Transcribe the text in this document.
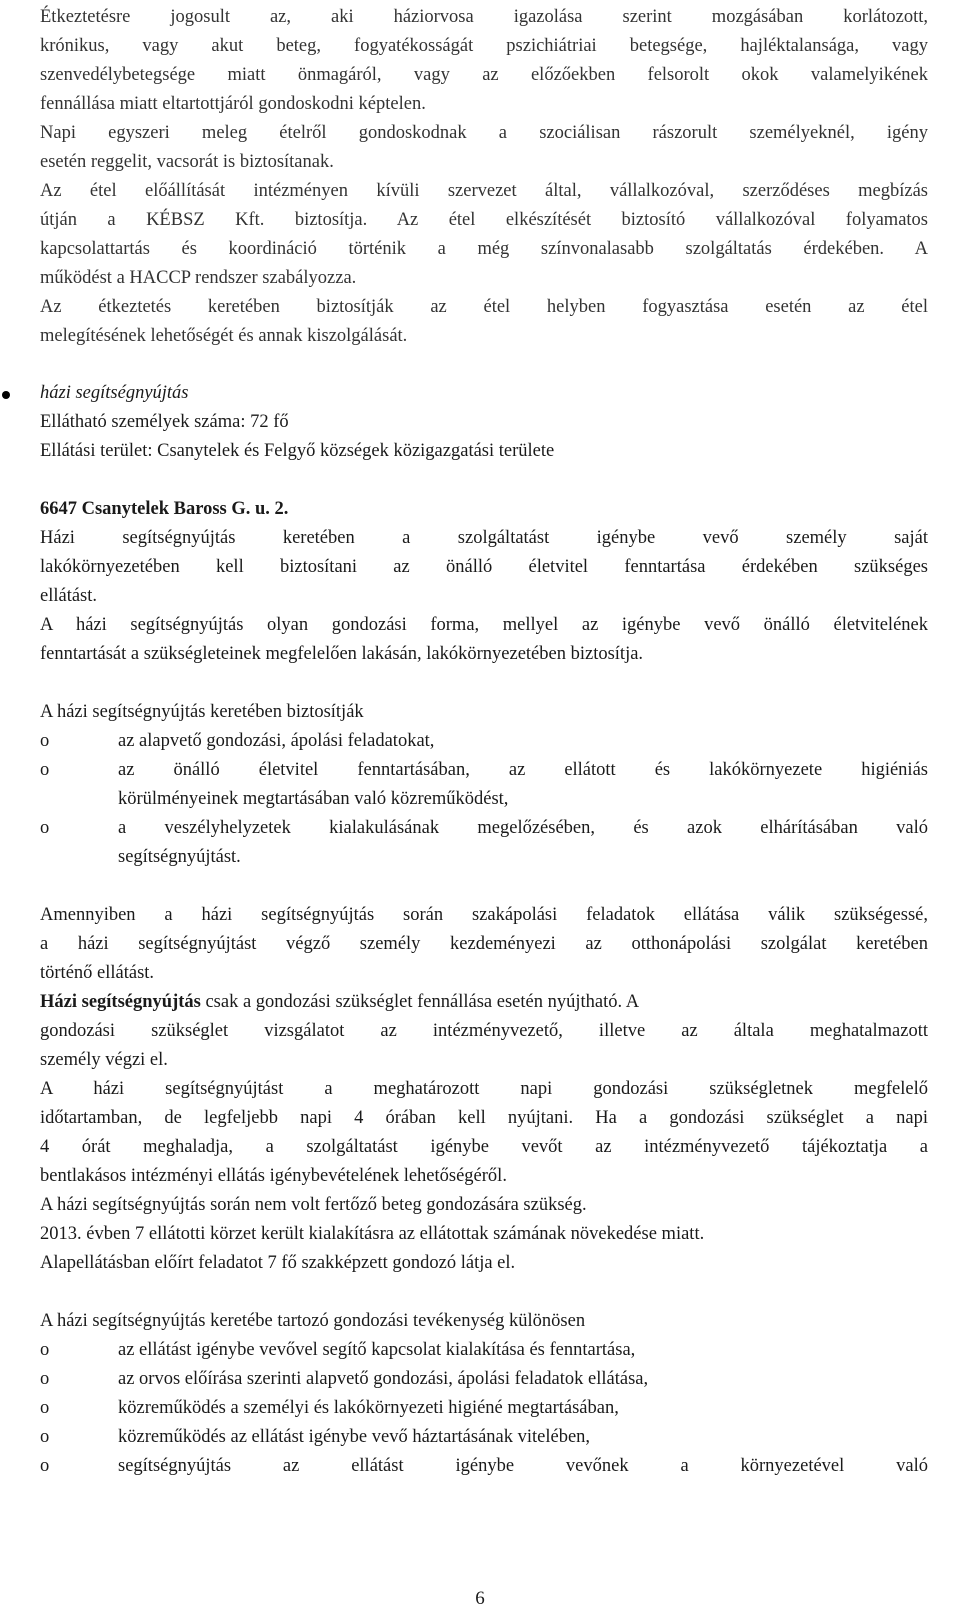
Étkeztetésre jogosult az, aki háziorvosa igazolása szerint mozgásában korlátozott,
krónikus, vagy akut beteg, fogyatékosságát pszichiátriai betegsége, hajléktalansága, vagy
szenvedélybetegsége miatt önmagáról, vagy az előzőekben felsorolt okok valamelyikének
fennállása miatt eltartottjáról gondoskodni képtelen.
Napi egyszeri meleg ételről gondoskodnak a szociálisan rászorult személyeknél, igény
esetén reggelit, vacsorát is biztosítanak.
Az étel előállítását intézményen kívüli szervezet által, vállalkozóval, szerződéses megbízás
útján a KÉBSZ Kft. biztosítja. Az étel elkészítését biztosító vállalkozóval folyamatos
kapcsolattartás és koordináció történik a még színvonalasabb szolgáltatás érdekében. A
működést a HACCP rendszer szabályozza.
Az étkeztetés keretében biztosítják az étel helyben fogyasztása esetén az étel
melegítésének lehetőségét és annak kiszolgálását.
házi segítségnyújtás
Ellátható személyek száma: 72 fő
Ellátási terület: Csanytelek és Felgyő községek közigazgatási területe
6647 Csanytelek Baross G. u. 2.
Házi segítségnyújtás keretében a szolgáltatást igénybe vevő személy saját
lakókörnyezetében kell biztosítani az önálló életvitel fenntartása érdekében szükséges
ellátást.
A házi segítségnyújtás olyan gondozási forma, mellyel az igénybe vevő önálló életvitelének
fenntartását a szükségleteinek megfelelően lakásán, lakókörnyezetében biztosítja.
A házi segítségnyújtás keretében biztosítják
o	az alapvető gondozási, ápolási feladatokat,
o	az önálló életvitel fenntartásában, az ellátott és lakókörnyezete higiéniás
körülményeinek megtartásában való közreműködést,
o	a veszélyhelyzetek kialakulásának megelőzésében, és azok elhárításában való
segítségnyújtást.
Amennyiben a házi segítségnyújtás során szakápolási feladatok ellátása válik szükségessé,
a házi segítségnyújtást végző személy kezdeményezi az otthonápolási szolgálat keretében
történő ellátást.
Házi segítségnyújtás csak a gondozási szükséglet fennállása esetén nyújtható. A
gondozási szükséglet vizsgálatot az intézményvezető, illetve az általa meghatalmazott
személy végzi el.
A házi segítségnyújtást a meghatározott napi gondozási szükségletnek megfelelő
időtartamban, de legfeljebb napi 4 órában kell nyújtani. Ha a gondozási szükséglet a napi
4 órát meghaladja, a szolgáltatást igénybe vevőt az intézményvezető tájékoztatja a
bentlakásos intézményi ellátás igénybevételének lehetőségéről.
A házi segítségnyújtás során nem volt fertőző beteg gondozására szükség.
2013. évben 7 ellátotti körzet került kialakításra az ellátottak számának növekedése miatt.
Alapellátásban előírt feladatot 7 fő szakképzett gondozó látja el.
A házi segítségnyújtás keretébe tartozó gondozási tevékenység különösen
o	az ellátást igénybe vevővel segítő kapcsolat kialakítása és fenntartása,
o	az orvos előírása szerinti alapvető gondozási, ápolási feladatok ellátása,
o	közreműködés a személyi és lakókörnyezeti higiéné megtartásában,
o	közreműködés az ellátást igénybe vevő háztartásának vitelében,
o	segítségnyújtás az ellátást igénybe vevőnek a környezetével való
6
